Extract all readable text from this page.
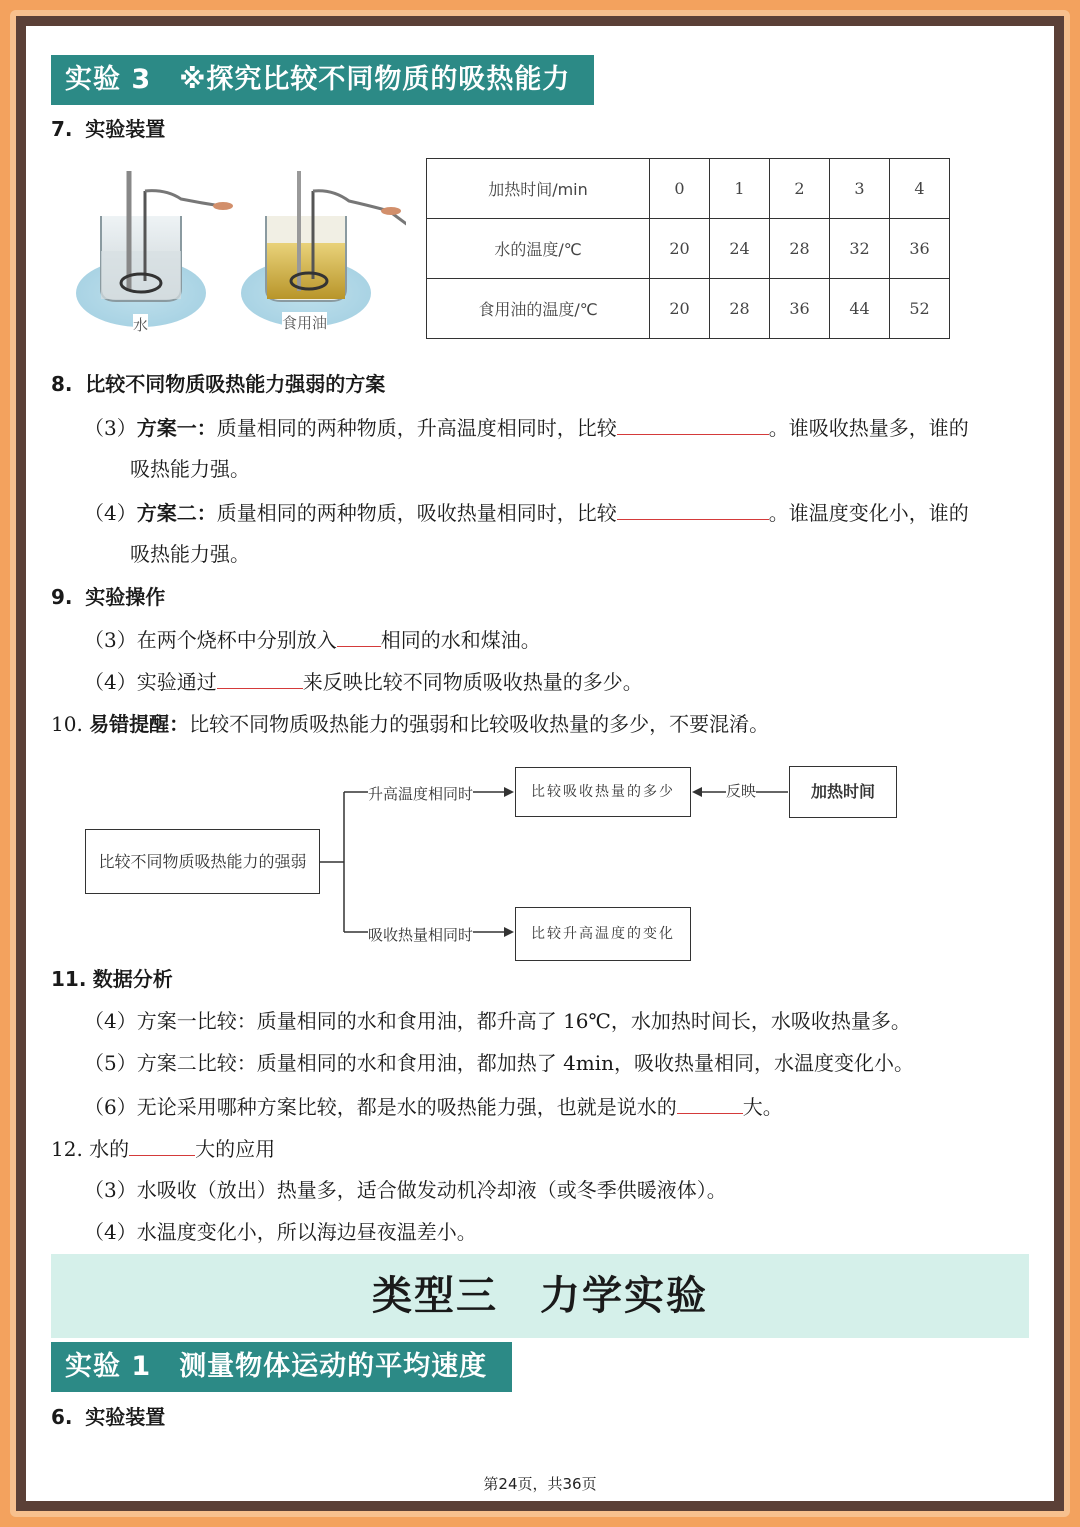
实验 3 ※探究比较不同物质的吸热能力
7. 实验装置
水	食用油
加热时间/min	0	1	2	3	4
水的温度/℃	20	24	28	32	36
食用油的温度/℃	20	28	36	44	52
8. 比较不同物质吸热能力强弱的方案
（3）方案一：质量相同的两种物质，升高温度相同时，比较	。谁吸收热量多，谁的
吸热能力强。
（4）方案二：质量相同的两种物质，吸收热量相同时，比较	。谁温度变化小，谁的
吸热能力强。
9. 实验操作
（3）在两个烧杯中分别放入 相同的水和煤油。
（4）实验通过	来反映比较不同物质吸收热量的多少。
10. 易错提醒：比较不同物质吸热能力的强弱和比较吸收热量的多少，不要混淆。
比较不同物质吸热能力的强弱
比较吸收热量的多少
比较升高温度的变化
加热时间
升高温度相同时
吸收热量相同时
反映
11. 数据分析
（4）方案一比较：质量相同的水和食用油，都升高了 16℃，水加热时间长，水吸收热量多。
（5）方案二比较：质量相同的水和食用油，都加热了 4min，吸收热量相同，水温度变化小。
（6）无论采用哪种方案比较，都是水的吸热能力强，也就是说水的	大。
12. 水的	大的应用
（3）水吸收（放出）热量多，适合做发动机冷却液（或冬季供暖液体）。
（4）水温度变化小，所以海边昼夜温差小。
类型三　力学实验
实验 1 测量物体运动的平均速度
6. 实验装置
第24页，共36页
